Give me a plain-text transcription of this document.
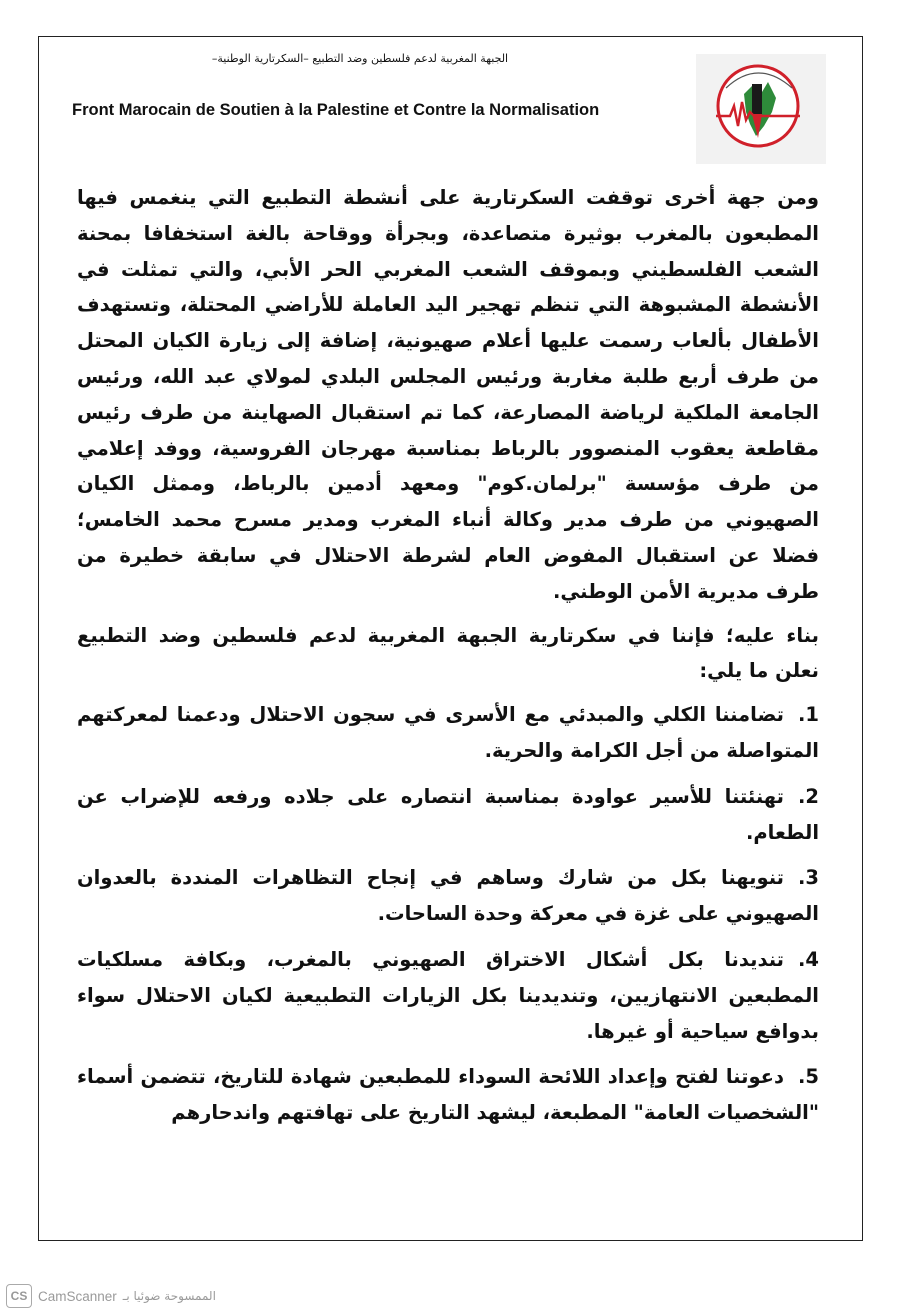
الجبهة المغربية لدعم فلسطين وضد التطبيع –السكرتارية الوطنية–
Front Marocain de Soutien à la Palestine et Contre la Normalisation

ومن جهة أخرى توقفت السكرتارية على أنشطة التطبيع التي ينغمس فيها المطبعون بالمغرب بوثيرة متصاعدة، وبجرأة ووقاحة بالغة استخفافا بمحنة الشعب الفلسطيني وبموقف الشعب المغربي الحر الأبي، والتي تمثلت في الأنشطة المشبوهة التي تنظم تهجير اليد العاملة للأراضي المحتلة، وتستهدف الأطفال بألعاب رسمت عليها أعلام صهيونية، إضافة إلى زيارة الكيان المحتل من طرف أربع طلبة مغاربة ورئيس المجلس البلدي لمولاي عبد الله، ورئيس الجامعة الملكية لرياضة المصارعة، كما تم استقبال الصهاينة من طرف رئيس مقاطعة يعقوب المنصوور بالرباط بمناسبة مهرجان الفروسية، ووفد إعلامي من طرف مؤسسة "برلمان.كوم" ومعهد أدمين بالرباط، وممثل الكيان الصهيوني من طرف مدير وكالة أنباء المغرب ومدير مسرح محمد الخامس؛ فضلا عن استقبال المفوض العام لشرطة الاحتلال في سابقة خطيرة من طرف مديرية الأمن الوطني.

بناء عليه؛ فإننا في سكرتارية الجبهة المغربية لدعم فلسطين وضد التطبيع نعلن ما يلي:

1.تضامننا الكلي والمبدئي مع الأسرى في سجون الاحتلال ودعمنا لمعركتهم المتواصلة من أجل الكرامة والحرية.

2.تهنئتنا للأسير عواودة بمناسبة انتصاره على جلاده ورفعه للإضراب عن الطعام.

3.تنويهنا بكل من شارك وساهم في إنجاح التظاهرات المنددة بالعدوان الصهيوني على غزة في معركة وحدة الساحات.

4.تنديدنا بكل أشكال الاختراق الصهيوني بالمغرب، وبكافة مسلكيات المطبعين الانتهازيين، وتنديدينا بكل الزيارات التطبيعية لكيان الاحتلال سواء بدوافع سياحية أو غيرها.

5.دعوتنا لفتح وإعداد اللائحة السوداء للمطبعين شهادة للتاريخ، تتضمن أسماء "الشخصيات العامة" المطبعة، ليشهد التاريخ على تهافتهم واندحارهم

CS CamScanner الممسوحة ضوئيا بـ
